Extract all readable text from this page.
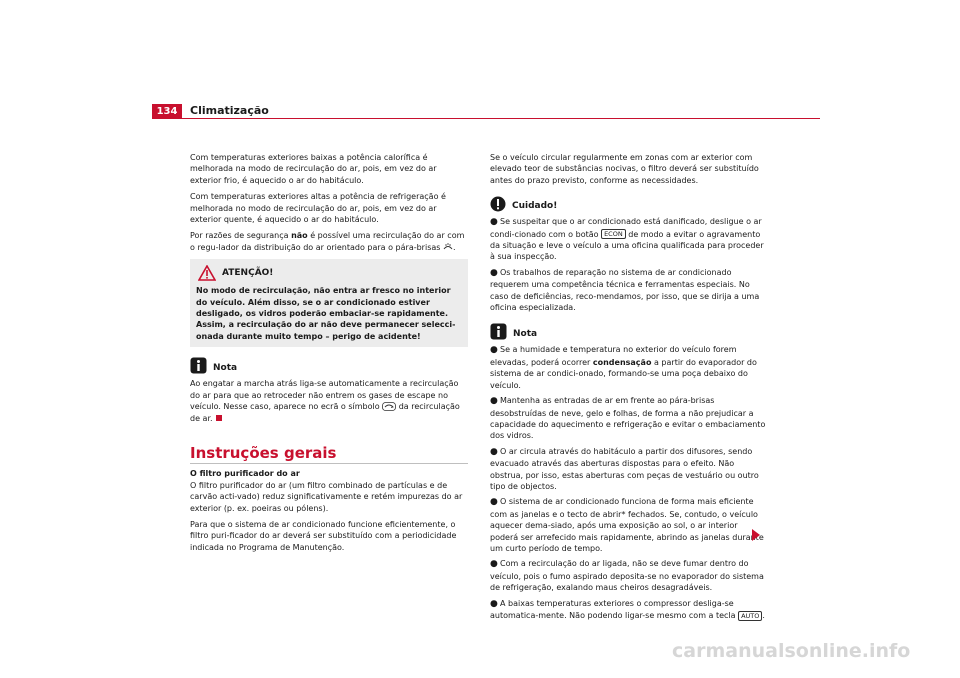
134	Climatização

Com temperaturas exteriores baixas a potência calorífica é melhorada na modo de recirculação do ar, pois, em vez do ar exterior frio, é aquecido o ar do habitáculo.

Com temperaturas exteriores altas a potência de refrigeração é melhorada no modo de recirculação do ar, pois, em vez do ar exterior quente, é aquecido o ar do habitáculo.

Por razões de segurança não é possível uma recirculação do ar com o regu-lador da distribuição do ar orientado para o pára-brisas .

ATENÇÃO!
No modo de recirculação, não entra ar fresco no interior do veículo. Além disso, se o ar condicionado estiver desligado, os vidros poderão embaciar-se rapidamente. Assim, a recirculação do ar não deve permanecer selecci-onada durante muito tempo – perigo de acidente!
Nota

Ao engatar a marcha atrás liga-se automaticamente a recirculação do ar para que ao retroceder não entrem os gases de escape no veículo. Nesse caso, aparece no ecrã o símbolo  da recirculação de ar.

Instruções gerais

O filtro purificador do ar

O filtro purificador do ar (um filtro combinado de partículas e de carvão acti-vado) reduz significativamente e retém impurezas do ar exterior (p. ex. poeiras ou pólens).

Para que o sistema de ar condicionado funcione eficientemente, o filtro puri-ficador do ar deverá ser substituído com a periodicidade indicada no Programa de Manutenção.

Se o veículo circular regularmente em zonas com ar exterior com elevado teor de substâncias nocivas, o filtro deverá ser substituído antes do prazo previsto, conforme as necessidades.

Cuidado!

● Se suspeitar que o ar condicionado está danificado, desligue o ar condi-cionado com o botão ECON de modo a evitar o agravamento da situação e leve o veículo a uma oficina qualificada para proceder à sua inspecção.

● Os trabalhos de reparação no sistema de ar condicionado requerem uma competência técnica e ferramentas especiais. No caso de deficiências, reco-mendamos, por isso, que se dirija a uma oficina especializada.

Nota

● Se a humidade e temperatura no exterior do veículo forem elevadas, poderá ocorrer condensação a partir do evaporador do sistema de ar condici-onado, formando-se uma poça debaixo do veículo.

● Mantenha as entradas de ar em frente ao pára-brisas desobstruídas de neve, gelo e folhas, de forma a não prejudicar a capacidade do aquecimento e refrigeração e evitar o embaciamento dos vidros.

● O ar circula através do habitáculo a partir dos difusores, sendo evacuado através das aberturas dispostas para o efeito. Não obstrua, por isso, estas aberturas com peças de vestuário ou outro tipo de objectos.

● O sistema de ar condicionado funciona de forma mais eficiente com as janelas e o tecto de abrir* fechados. Se, contudo, o veículo aquecer dema-siado, após uma exposição ao sol, o ar interior poderá ser arrefecido mais rapidamente, abrindo as janelas durante um curto período de tempo.

● Com a recirculação do ar ligada, não se deve fumar dentro do veículo, pois o fumo aspirado deposita-se no evaporador do sistema de refrigeração, exalando maus cheiros desagradáveis.

● A baixas temperaturas exteriores o compressor desliga-se automatica-mente. Não podendo ligar-se mesmo com a tecla AUTO .

carmanualsonline.info
